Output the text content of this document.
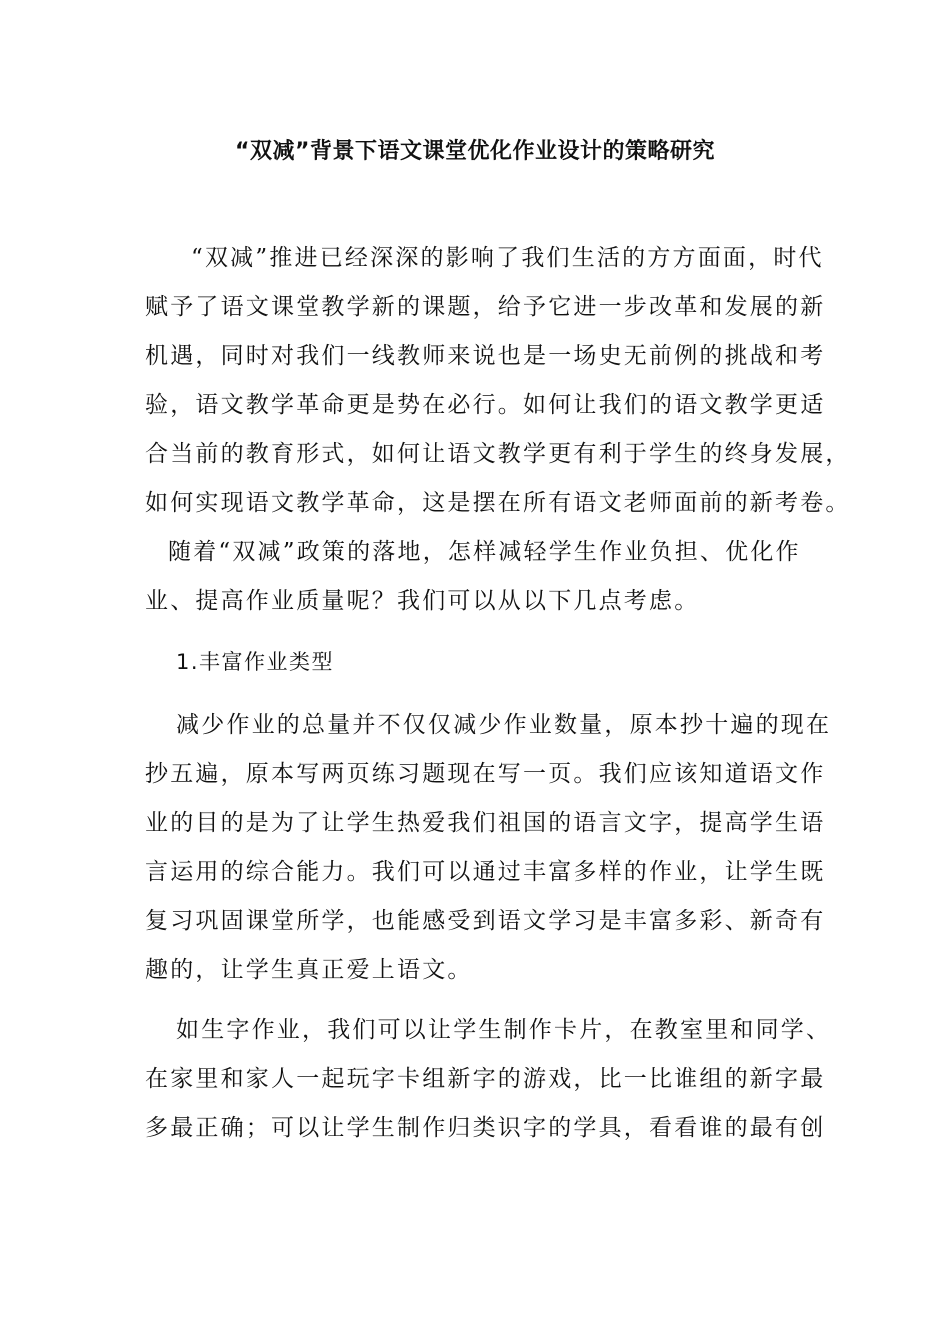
“双减”背景下语文课堂优化作业设计的策略研究

“双减”推进已经深深的影响了我们生活的方方面面，时代

赋予了语文课堂教学新的课题，给予它进一步改革和发展的新

机遇，同时对我们一线教师来说也是一场史无前例的挑战和考

验，语文教学革命更是势在必行。如何让我们的语文教学更适

合当前的教育形式，如何让语文教学更有利于学生的终身发展，

如何实现语文教学革命，这是摆在所有语文老师面前的新考卷。

随着“双减”政策的落地，怎样减轻学生作业负担、优化作

业、提高作业质量呢？我们可以从以下几点考虑。

1.丰富作业类型

减少作业的总量并不仅仅减少作业数量，原本抄十遍的现在

抄五遍，原本写两页练习题现在写一页。我们应该知道语文作

业的目的是为了让学生热爱我们祖国的语言文字，提高学生语

言运用的综合能力。我们可以通过丰富多样的作业，让学生既

复习巩固课堂所学，也能感受到语文学习是丰富多彩、新奇有

趣的，让学生真正爱上语文。

如生字作业，我们可以让学生制作卡片，在教室里和同学、

在家里和家人一起玩字卡组新字的游戏，比一比谁组的新字最

多最正确；可以让学生制作归类识字的学具，看看谁的最有创
